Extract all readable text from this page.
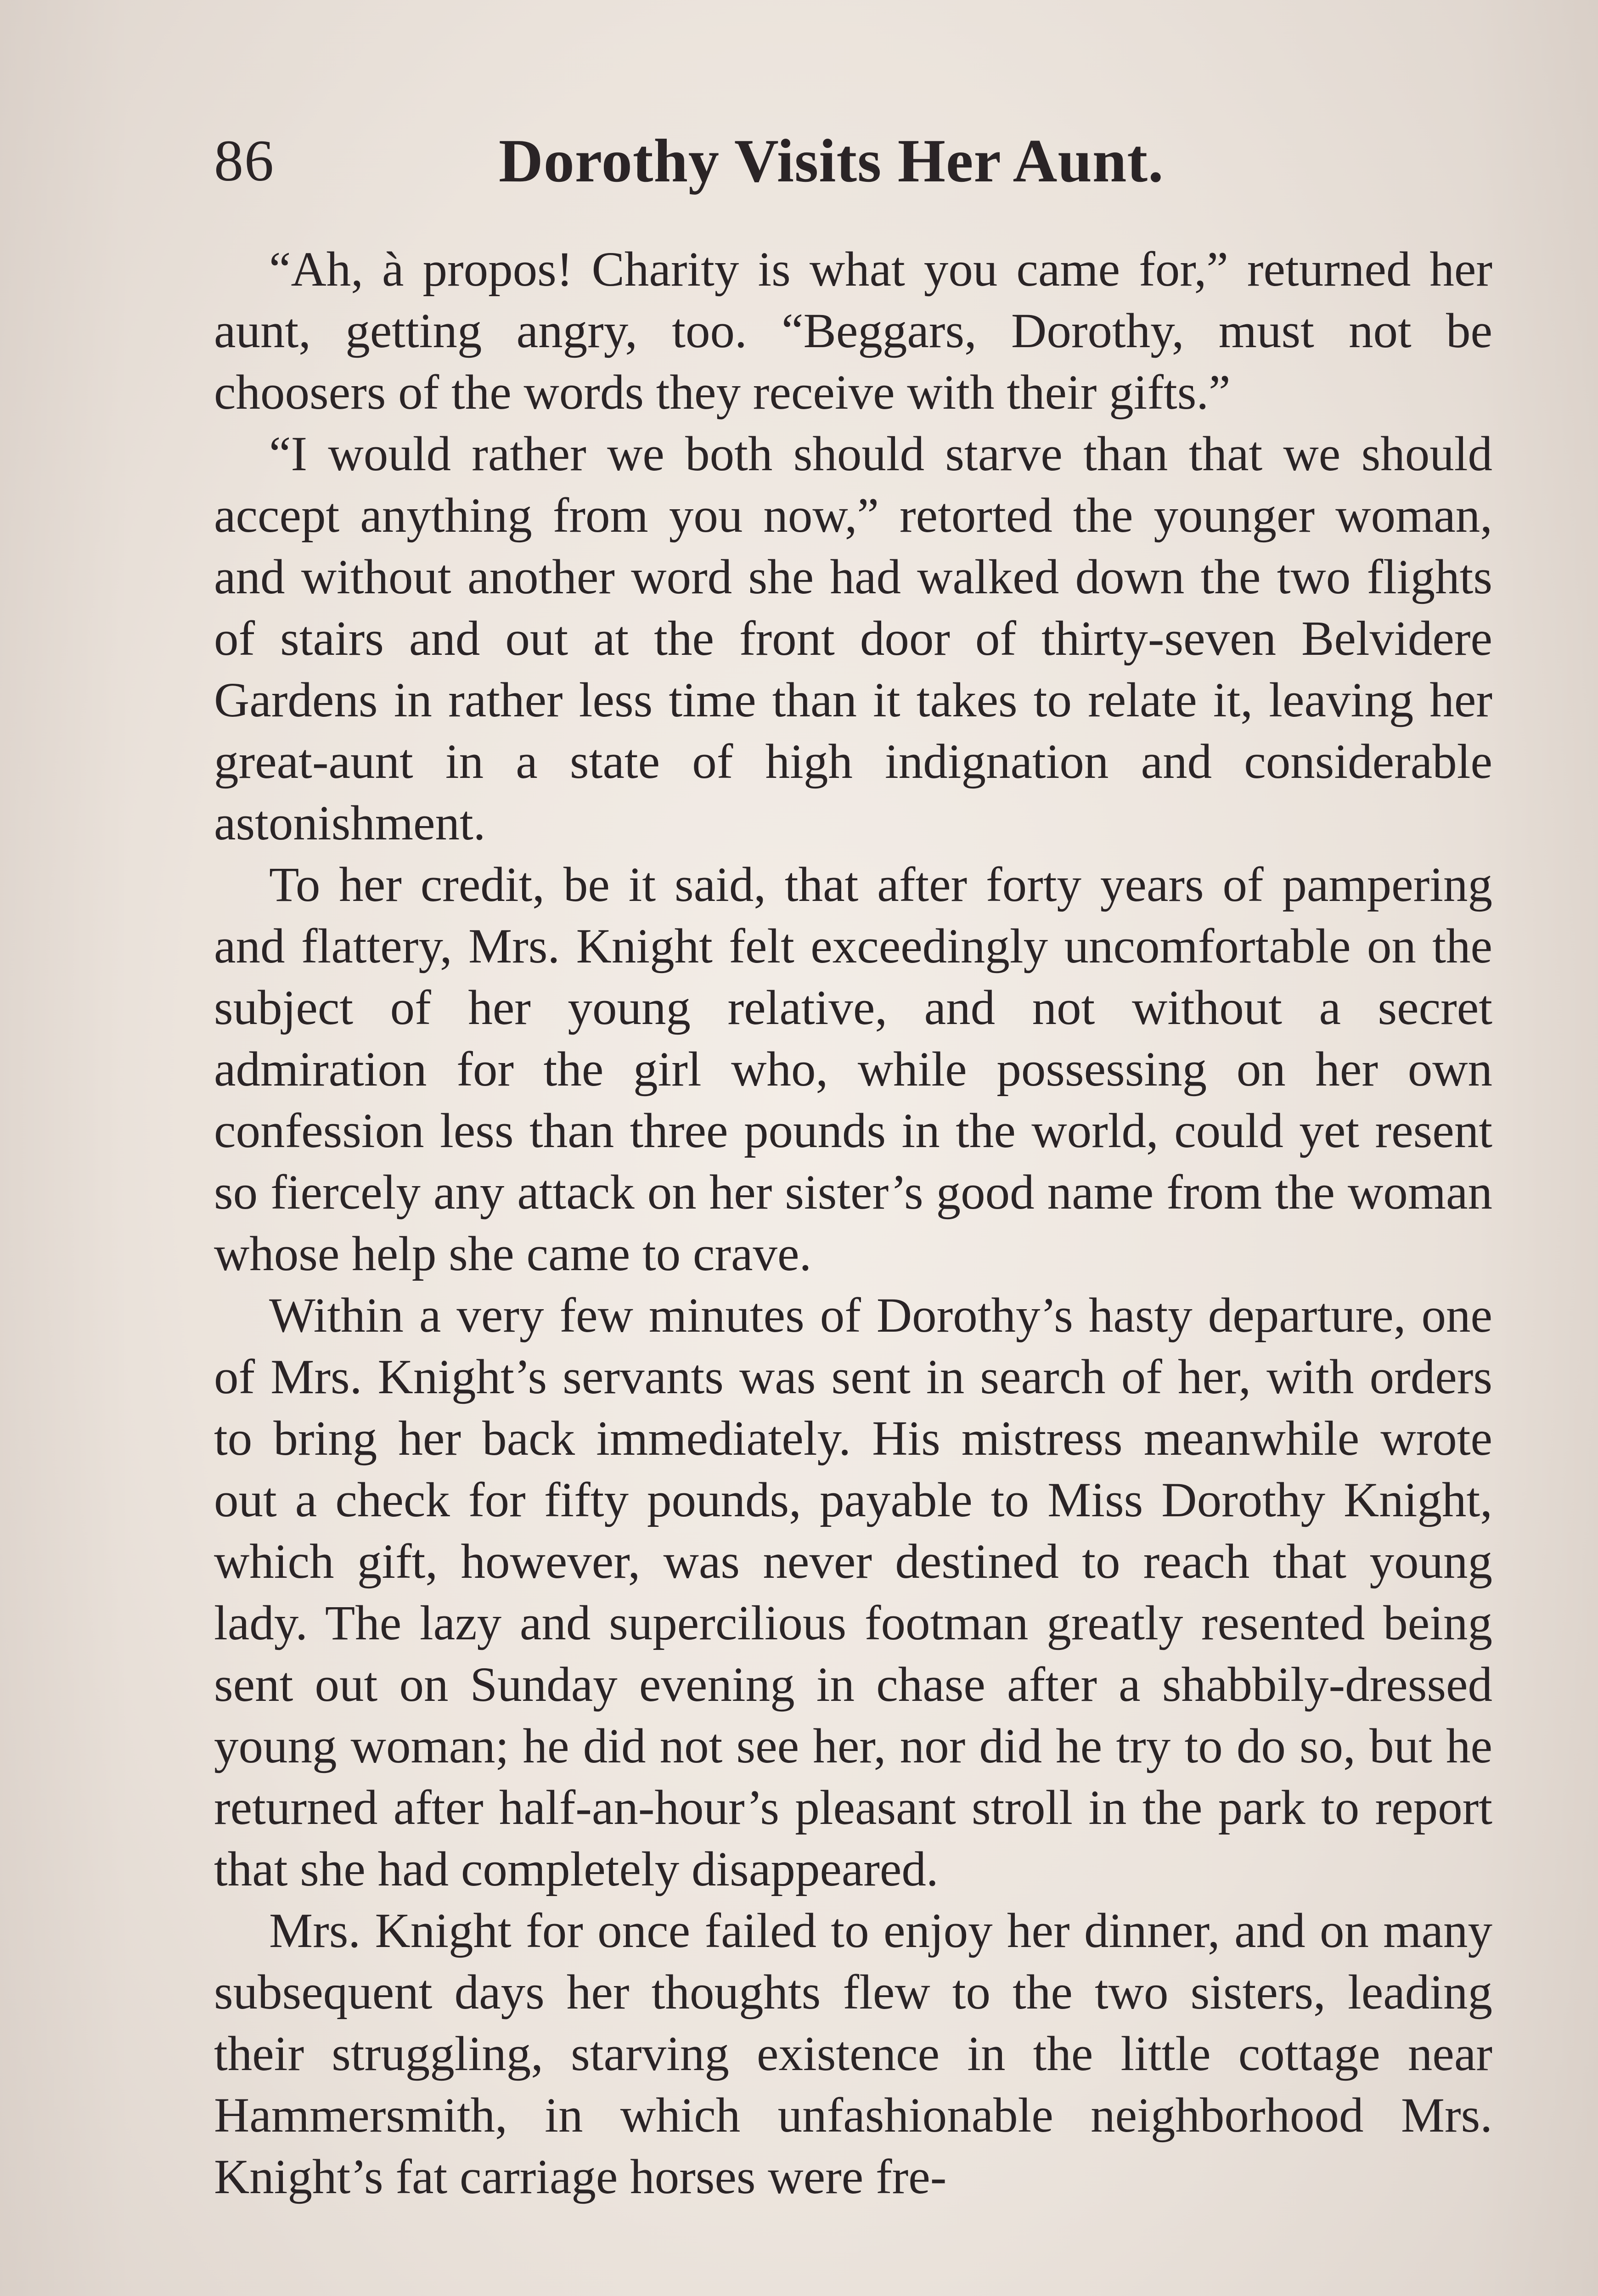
86	Dorothy Visits Her Aunt.

“Ah, à propos! Charity is what you came for,” returned her aunt, getting angry, too. “Beggars, Dorothy, must not be choosers of the words they receive with their gifts.”

“I would rather we both should starve than that we should accept anything from you now,” retorted the younger woman, and without another word she had walked down the two flights of stairs and out at the front door of thirty-seven Belvidere Gardens in rather less time than it takes to relate it, leaving her great-aunt in a state of high indignation and considerable astonishment.

To her credit, be it said, that after forty years of pampering and flattery, Mrs. Knight felt exceedingly uncomfortable on the subject of her young relative, and not without a secret admiration for the girl who, while possessing on her own confession less than three pounds in the world, could yet resent so fiercely any attack on her sister’s good name from the woman whose help she came to crave.

Within a very few minutes of Dorothy’s hasty departure, one of Mrs. Knight’s servants was sent in search of her, with orders to bring her back immediately. His mistress meanwhile wrote out a check for fifty pounds, payable to Miss Dorothy Knight, which gift, however, was never destined to reach that young lady. The lazy and supercilious footman greatly resented being sent out on Sunday evening in chase after a shabbily-dressed young woman; he did not see her, nor did he try to do so, but he returned after half-an-hour’s pleasant stroll in the park to report that she had completely disappeared.

Mrs. Knight for once failed to enjoy her dinner, and on many subsequent days her thoughts flew to the two sisters, leading their struggling, starving existence in the little cottage near Hammersmith, in which unfashionable neighborhood Mrs. Knight’s fat carriage horses were fre-
